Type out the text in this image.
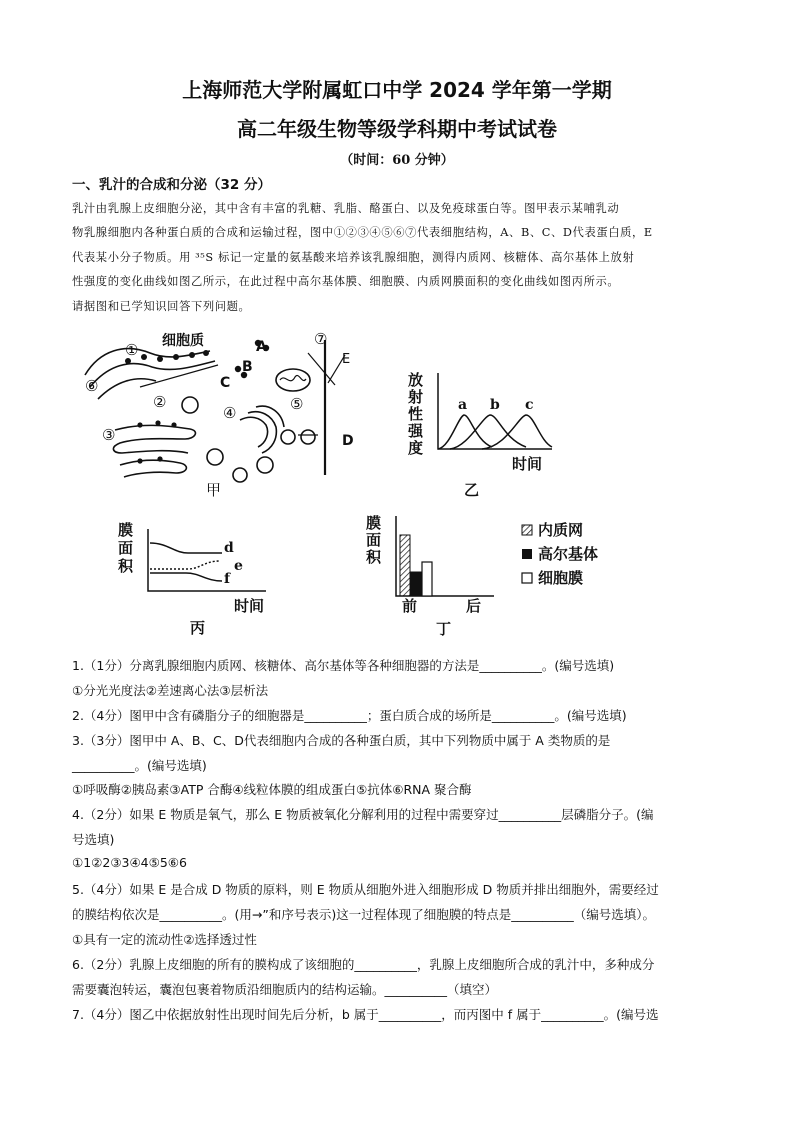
上海师范大学附属虹口中学 2024 学年第一学期
高二年级生物等级学科期中考试试卷
（时间：60 分钟）
一、乳汁的合成和分泌（32 分）
乳汁由乳腺上皮细胞分泌，其中含有丰富的乳糖、乳脂、酪蛋白、以及免疫球蛋白等。图甲表示某哺乳动
物乳腺细胞内各种蛋白质的合成和运输过程，图中①②③④⑤⑥⑦代表细胞结构，A、B、C、D代表蛋白质，E
代表某小分子物质。用 ³⁵S 标记一定量的氨基酸来培养该乳腺细胞，测得内质网、核糖体、高尔基体上放射
性强度的变化曲线如图乙所示，在此过程中高尔基体膜、细胞膜、内质网膜面积的变化曲线如图丙所示。
请据图和已学知识回答下列问题。
细胞质
①
②
③
④	⑤
⑥
⑦
A
B
C
D
E
甲
放
射
性
强
度
时间
乙
a b c
膜
面
积
时间
丙
d
e
f
膜
面
积
前	后
丁
内质网
高尔基体
细胞膜
1.（1分）分离乳腺细胞内质网、核糖体、高尔基体等各种细胞器的方法是__________。(编号选填)
①分光光度法②差速离心法③层析法
2.（4分）图甲中含有磷脂分子的细胞器是__________；蛋白质合成的场所是__________。(编号选填)
3.（3分）图甲中 A、B、C、D代表细胞内合成的各种蛋白质，其中下列物质中属于 A 类物质的是
__________。(编号选填)
①呼吸酶②胰岛素③ATP 合酶④线粒体膜的组成蛋白⑤抗体⑥RNA 聚合酶
4.（2分）如果 E 物质是氧气，那么 E 物质被氧化分解利用的过程中需要穿过__________层磷脂分子。(编
号选填)
①1②2③3④4⑤5⑥6
5.（4分）如果 E 是合成 D 物质的原料，则 E 物质从细胞外进入细胞形成 D 物质并排出细胞外，需要经过
的膜结构依次是__________。(用→”和序号表示)这一过程体现了细胞膜的特点是__________（编号选填）。
①具有一定的流动性②选择透过性
6.（2分）乳腺上皮细胞的所有的膜构成了该细胞的__________，乳腺上皮细胞所合成的乳汁中，多种成分
需要囊泡转运，囊泡包裹着物质沿细胞质内的结构运输。__________（填空）
7.（4分）图乙中依据放射性出现时间先后分析，b 属于__________，而丙图中 f 属于__________。(编号选
